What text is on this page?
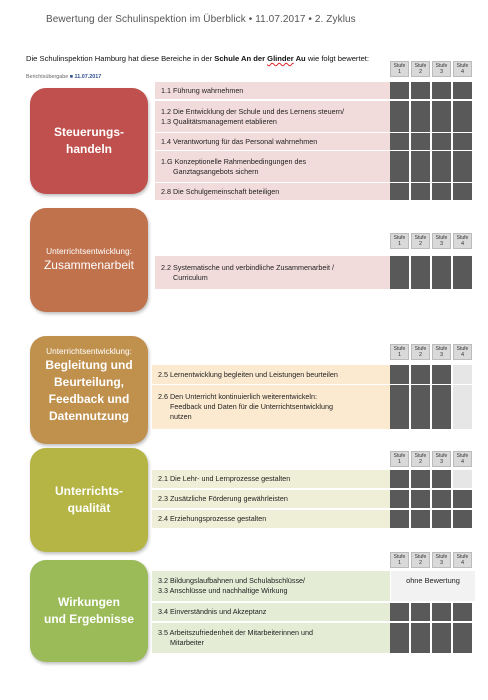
Bewertung der Schulinspektion im Überblick • 11.07.2017 • 2. Zyklus
Die Schulinspektion Hamburg hat diese Bereiche in der Schule An der Glinder Au wie folgt bewertet:
Berichtsübergabe ■ 11.07.2017
Steuerungs-
handeln
Stufe
1
Stufe
2
Stufe
3
Stufe
4
1.1 Führung wahrnehmen
1.2 Die Entwicklung der Schule und des Lernens steuern/
1.3 Qualitätsmanagement etablieren
1.4 Verantwortung für das Personal wahrnehmen
1.G Konzeptionelle Rahmenbedingungen des
Ganztagsangebots sichern
2.8 Die Schulgemeinschaft beteiligen
Unterrichtsentwicklung:
Zusammenarbeit
Stufe
1
Stufe
2
Stufe
3
Stufe
4
2.2 Systematische und verbindliche Zusammenarbeit /
Curriculum
Unterrichtsentwicklung:
Begleitung und
Beurteilung,
Feedback und
Datennutzung
Stufe
1
Stufe
2
Stufe
3
Stufe
4
2.5 Lernentwicklung begleiten und Leistungen beurteilen
2.6 Den Unterricht kontinuierlich weiterentwickeln:
Feedback und Daten für die Unterrichtsentwicklung
nutzen
Unterrichts-
qualität
Stufe
1
Stufe
2
Stufe
3
Stufe
4
2.1 Die Lehr- und Lernprozesse gestalten
2.3 Zusätzliche Förderung gewährleisten
2.4 Erziehungsprozesse gestalten
Wirkungen
und Ergebnisse
Stufe
1
Stufe
2
Stufe
3
Stufe
4
3.2 Bildungslaufbahnen und Schulabschlüsse/
3.3 Anschlüsse und nachhaltige Wirkung
ohne Bewertung
3.4 Einverständnis und Akzeptanz
3.5 Arbeitszufriedenheit der Mitarbeiterinnen und
Mitarbeiter
